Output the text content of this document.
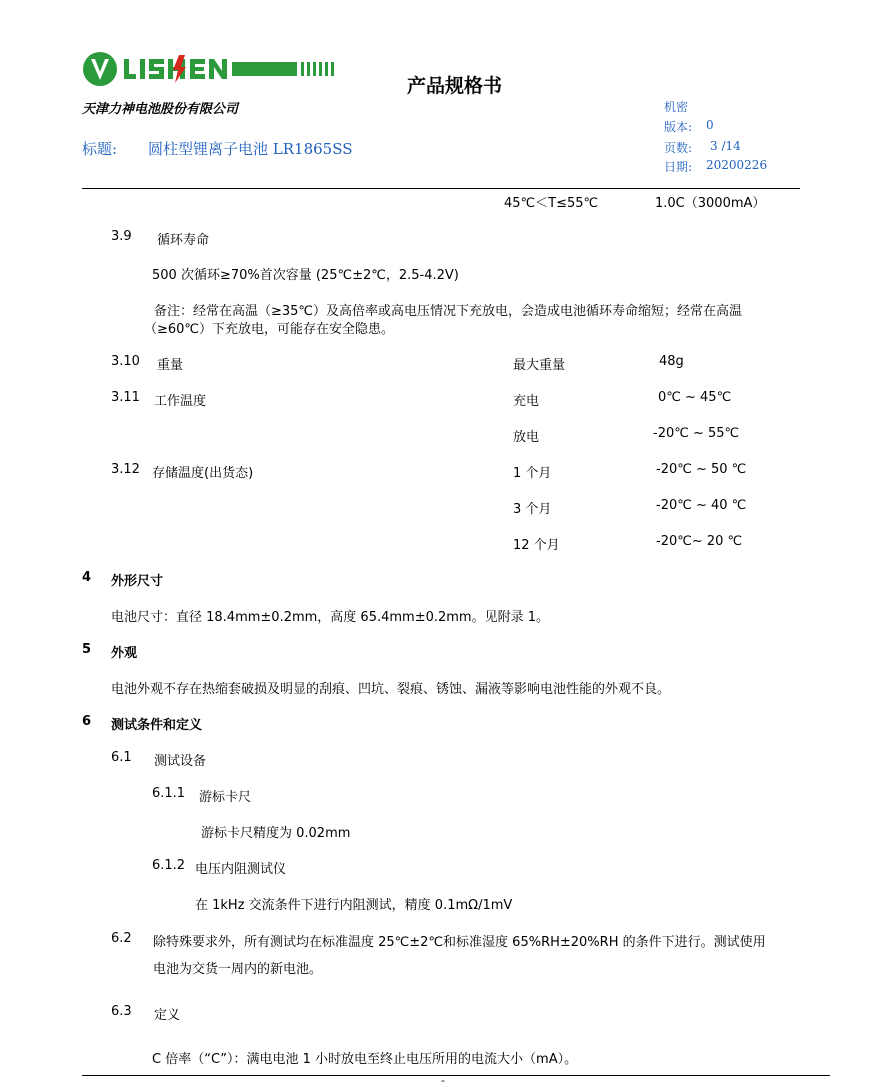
产品规格书
天津力神电池股份有限公司
标题: 圆柱型锂离子电池 LR1865SS
机密
版本: 0
页数: 3 /14
日期: 20200226
45℃＜T≤55℃	1.0C（3000mA）
3.9 循环寿命
500 次循环≥70%首次容量 (25℃±2℃，2.5-4.2V)
备注：经常在高温（≥35℃）及高倍率或高电压情况下充放电，会造成电池循环寿命缩短；经常在高温
（≥60℃）下充放电，可能存在安全隐患。
3.10 重量	最大重量	48g
3.11 工作温度	充电	0℃ ~ 45℃
放电	-20℃ ~ 55℃
3.12 存储温度(出货态)	1 个月	-20℃ ~ 50 ℃
3 个月	-20℃ ~ 40 ℃
12 个月	-20℃~ 20 ℃
4 外形尺寸
电池尺寸：直径 18.4mm±0.2mm，高度 65.4mm±0.2mm。见附录 1。
5 外观
电池外观不存在热缩套破损及明显的刮痕、凹坑、裂痕、锈蚀、漏液等影响电池性能的外观不良。
6 测试条件和定义
6.1 测试设备
6.1.1 游标卡尺
游标卡尺精度为 0.02mm
6.1.2 电压内阻测试仪
在 1kHz 交流条件下进行内阻测试，精度 0.1mΩ/1mV
6.2 除特殊要求外，所有测试均在标准温度 25℃±2℃和标准湿度 65%RH±20%RH 的条件下进行。测试使用
电池为交货一周内的新电池。
6.3 定义
C 倍率（“C”）：满电电池 1 小时放电至终止电压所用的电流大小（mA）。
-
